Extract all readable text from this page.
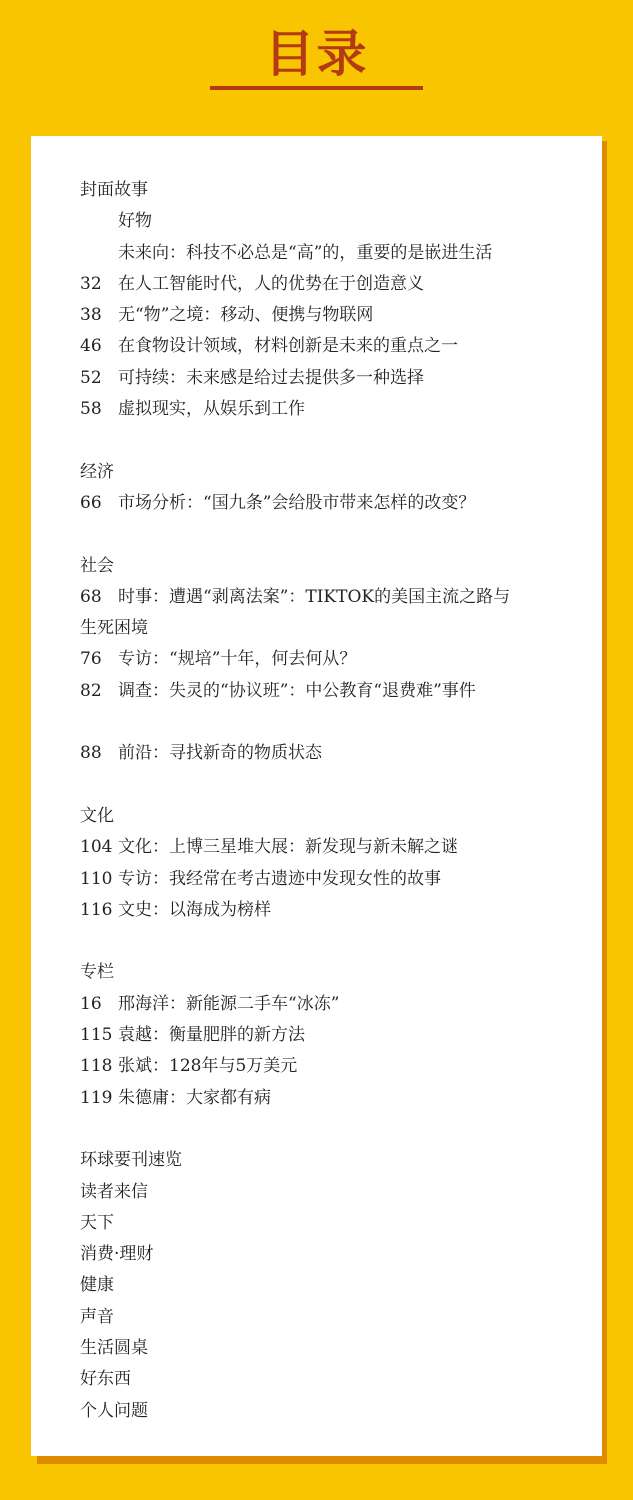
目录
封面故事
好物
未来向：科技不必总是“高”的，重要的是嵌进生活
32 在人工智能时代，人的优势在于创造意义
38 无“物”之境：移动、便携与物联网
46 在食物设计领域，材料创新是未来的重点之一
52 可持续：未来感是给过去提供多一种选择
58 虚拟现实，从娱乐到工作
经济
66 市场分析：“国九条”会给股市带来怎样的改变？
社会
68 时事：遭遇“剥离法案”：TIKTOK的美国主流之路与
生死困境
76 专访：“规培”十年，何去何从？
82 调查：失灵的“协议班”：中公教育“退费难”事件
88 前沿：寻找新奇的物质状态
文化
104 文化：上博三星堆大展：新发现与新未解之谜
110 专访：我经常在考古遗迹中发现女性的故事
116 文史：以海成为榜样
专栏
16 邢海洋：新能源二手车“冰冻”
115 袁越：衡量肥胖的新方法
118 张斌：128年与5万美元
119 朱德庸：大家都有病
环球要刊速览
读者来信
天下
消费·理财
健康
声音
生活圆桌
好东西
个人问题
